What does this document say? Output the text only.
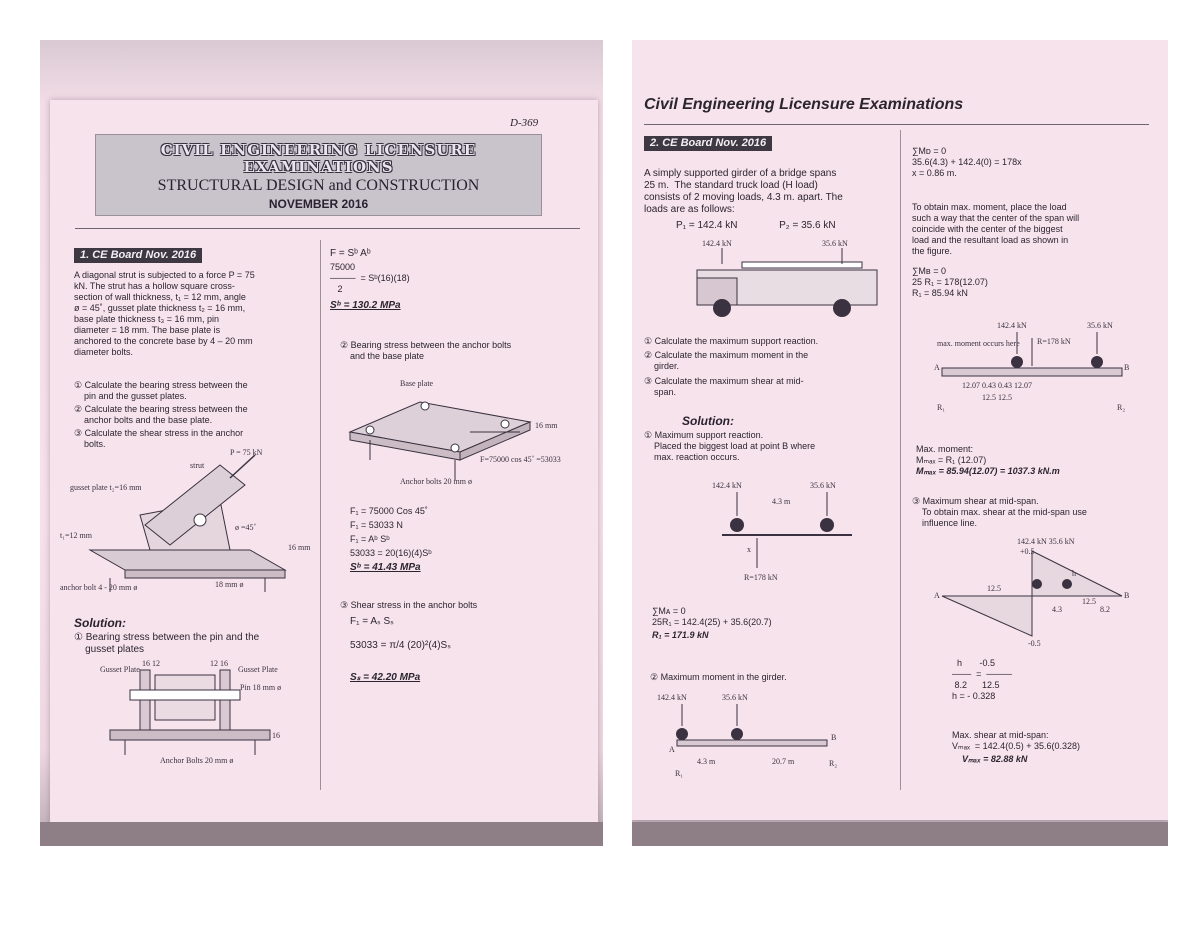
D-369
CIVIL ENGINEERING LICENSURE
EXAMINATIONS
STRUCTURAL DESIGN and CONSTRUCTION
NOVEMBER 2016
1. CE Board Nov. 2016
A diagonal strut is subjected to a force P = 75
kN. The strut has a hollow square cross-
section of wall thickness, t₁ = 12 mm, angle
ø = 45˚, gusset plate thickness t₂ = 16 mm,
base plate thickness t₃ = 16 mm, pin
diameter = 18 mm. The base plate is
anchored to the concrete base by 4 – 20 mm
diameter bolts.
① Calculate the bearing stress between the
pin and the gusset plates.
② Calculate the bearing stress between the
anchor bolts and the base plate.
③ Calculate the shear stress in the anchor
bolts.
P = 75 kN
strut
gusset plate t₂=16 mm
t₁=12 mm
ø =45˚
16 mm
18 mm ø
anchor bolt 4 - 20 mm ø
Solution:
① Bearing stress between the pin and the
gusset plates
Gusset Plate	Gusset Plate
16 12	12 16
Pin 18 mm ø
Anchor Bolts 20 mm ø
16
F = Sᵇ Aᵇ
75000
────  = Sᵇ(16)(18)
2
Sᵇ = 130.2 MPa
② Bearing stress between the anchor bolts
and the base plate
Base plate
16 mm
F=75000 cos 45˚ =53033
Anchor bolts 20 mm ø
F₁ = 75000 Cos 45˚
F₁ = 53033 N
F₁ = Aᵇ Sᵇ
53033 = 20(16)(4)Sᵇ
Sᵇ = 41.43 MPa
③ Shear stress in the anchor bolts
F₁ = Aₛ Sₛ

53033 = π/4 (20)²(4)Sₛ
Sₛ = 42.20 MPa
Civil Engineering Licensure Examinations
2. CE Board Nov. 2016
A simply supported girder of a bridge spans
25 m.  The standard truck load (H load)
consists of 2 moving loads, 4.3 m. apart. The
loads are as follows:
P₁ = 142.4 kN               P₂ = 35.6 kN
142.4 kN	35.6 kN
① Calculate the maximum support reaction.
② Calculate the maximum moment in the
girder.
③ Calculate the maximum shear at mid-
span.
Solution:
① Maximum support reaction.
Placed the biggest load at point B where
max. reaction occurs.
142.4 kN	35.6 kN
4.3 m
x
R=178 kN
∑Mᴀ = 0
25R₁ = 142.4(25) + 35.6(20.7)
R₁ = 171.9 kN
② Maximum moment in the girder.
142.4 kN	35.6 kN
A
B
4.3 m	20.7 m
R₁
R₂
∑Mᴅ = 0
35.6(4.3) + 142.4(0) = 178x
x = 0.86 m.
To obtain max. moment, place the load
such a way that the center of the span will
coincide with the center of the biggest
load and the resultant load as shown in
the figure.
∑Mʙ = 0
25 R₁ = 178(12.07)
R₁ = 85.94 kN
142.4 kN	35.6 kN
R=178 kN
max. moment occurs here
12.07 0.43 0.43 12.07
12.5 12.5
A	B
R₁	R₂
Max. moment:
Mₘₐₓ = R₁ (12.07)
Mₘₐₓ = 85.94(12.07) = 1037.3 kN.m
③ Maximum shear at mid-span.
To obtain max. shear at the mid-span use
influence line.
142.4 kN 35.6 kN
+0.5
h
-0.5
12.5
12.5
4.3	8.2
A	B
h       -0.5
───  =  ────
8.2      12.5
h = - 0.328
Max. shear at mid-span:
Vₘₐₓ  = 142.4(0.5) + 35.6(0.328)
Vₘₐₓ = 82.88 kN
